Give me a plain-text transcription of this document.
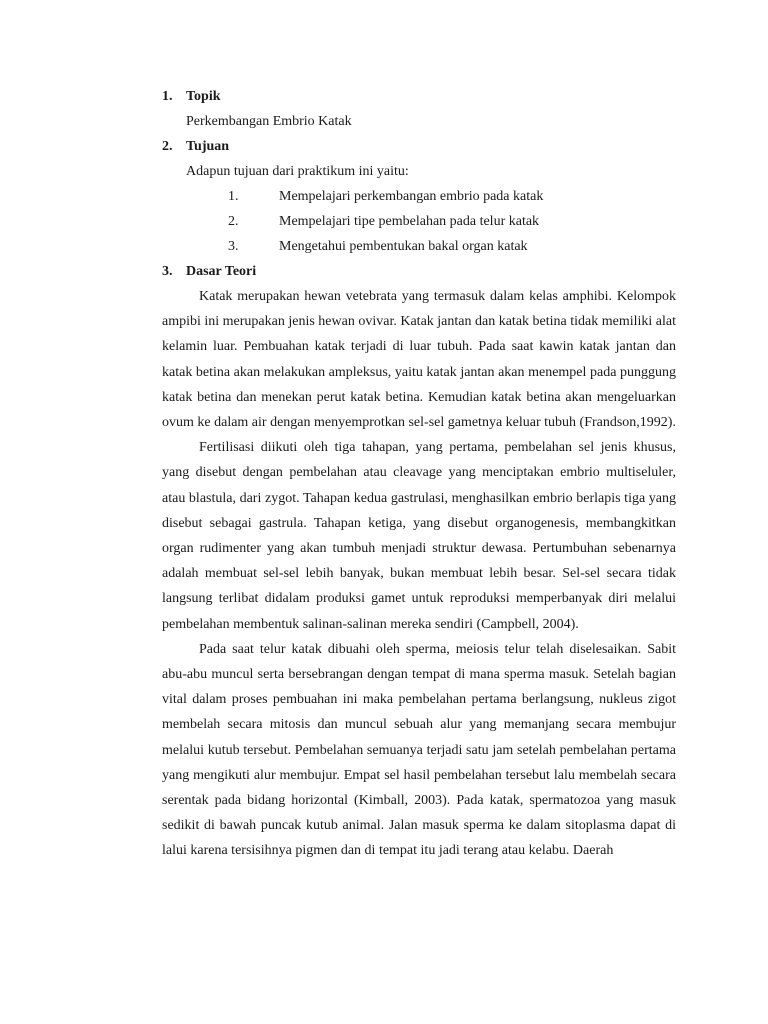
1. Topik
Perkembangan Embrio Katak
2. Tujuan
Adapun tujuan dari praktikum ini yaitu:
1.	Mempelajari perkembangan embrio pada katak
2.	Mempelajari tipe pembelahan pada telur katak
3.	Mengetahui pembentukan bakal organ katak
3. Dasar Teori

Katak merupakan hewan vetebrata yang termasuk dalam kelas amphibi. Kelompok ampibi ini merupakan jenis hewan ovivar. Katak jantan dan katak betina tidak memiliki alat kelamin luar. Pembuahan katak terjadi di luar tubuh. Pada saat kawin katak jantan dan katak betina akan melakukan ampleksus, yaitu katak jantan akan menempel pada punggung katak betina dan menekan perut katak betina. Kemudian katak betina akan mengeluarkan ovum ke dalam air dengan menyemprotkan sel-sel gametnya keluar tubuh (Frandson,1992).

Fertilisasi diikuti oleh tiga tahapan, yang pertama, pembelahan sel jenis khusus, yang disebut dengan pembelahan atau cleavage yang menciptakan embrio multiseluler, atau blastula, dari zygot. Tahapan kedua gastrulasi, menghasilkan embrio berlapis tiga yang disebut sebagai gastrula. Tahapan ketiga, yang disebut organogenesis, membangkitkan organ rudimenter yang akan tumbuh menjadi struktur dewasa. Pertumbuhan sebenarnya adalah membuat sel-sel lebih banyak, bukan membuat lebih besar. Sel-sel secara tidak langsung terlibat didalam produksi gamet untuk reproduksi memperbanyak diri melalui pembelahan membentuk salinan-salinan mereka sendiri (Campbell, 2004).

Pada saat telur katak dibuahi oleh sperma, meiosis telur telah diselesaikan. Sabit abu-abu muncul serta bersebrangan dengan tempat di mana sperma masuk. Setelah bagian vital dalam proses pembuahan ini maka pembelahan pertama berlangsung, nukleus zigot membelah secara mitosis dan muncul sebuah alur yang memanjang secara membujur melalui kutub tersebut. Pembelahan semuanya terjadi satu jam setelah pembelahan pertama yang mengikuti alur membujur. Empat sel hasil pembelahan tersebut lalu membelah secara serentak pada bidang horizontal (Kimball, 2003). Pada katak, spermatozoa yang masuk sedikit di bawah puncak kutub animal. Jalan masuk sperma ke dalam sitoplasma dapat di lalui karena tersisihnya pigmen dan di tempat itu jadi terang atau kelabu. Daerah
